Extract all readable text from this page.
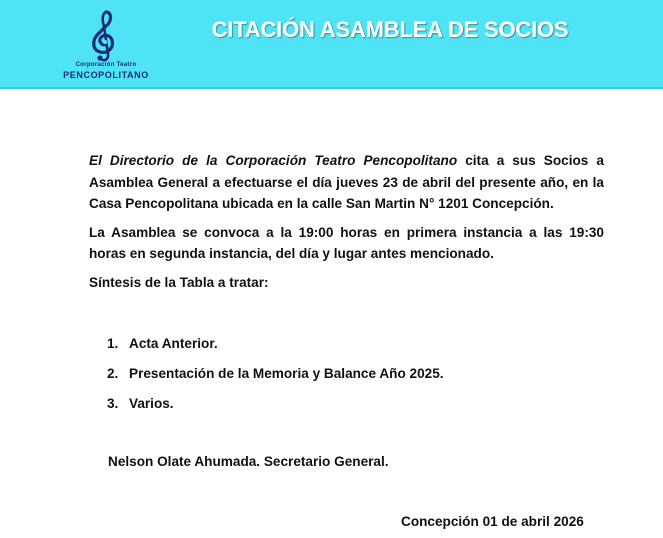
Corporación Teatro
PENCOPOLITANO
CITACIÓN ASAMBLEA DE SOCIOS

El Directorio de la Corporación Teatro Pencopolitano cita a sus Socios a Asamblea General a efectuarse el día jueves 23 de abril del presente año, en la Casa Pencopolitana ubicada en la calle San Martin N° 1201 Concepción.

La Asamblea se convoca a la 19:00 horas en primera instancia a las 19:30 horas en segunda instancia, del día y lugar antes mencionado.

Síntesis de la Tabla a tratar:

1. Acta Anterior.
2. Presentación de la Memoria y Balance Año 2025.
3. Varios.
Nelson Olate Ahumada. Secretario General.
Concepción 01 de abril 2026
